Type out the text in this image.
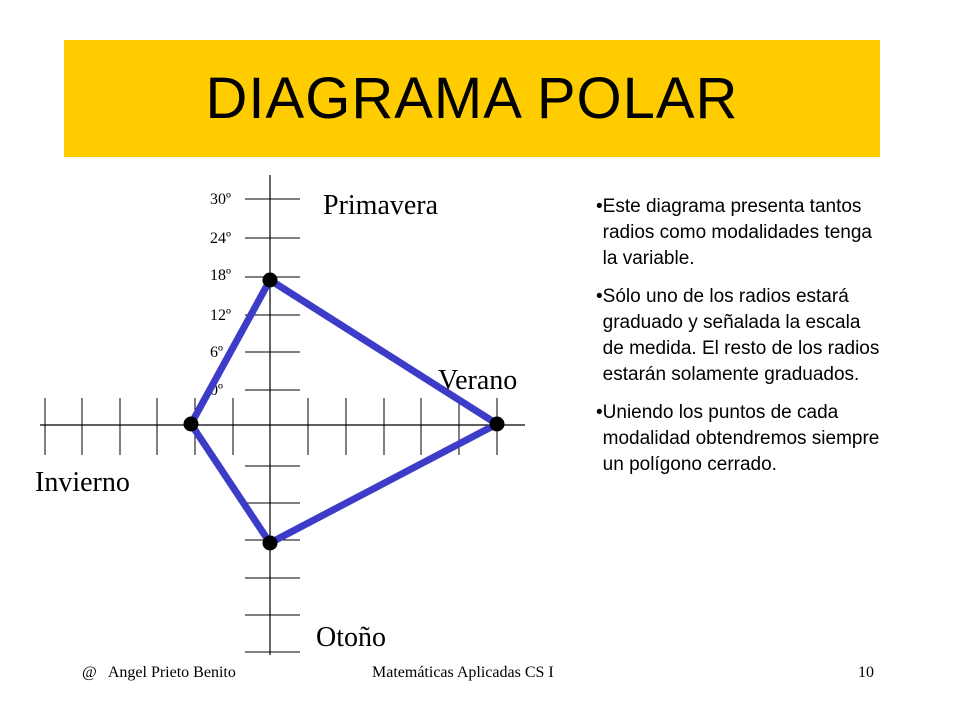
DIAGRAMA POLAR
30º
24º
18º
12º
6º
0º
Primavera
Verano
Invierno
Otoño
• Este diagrama presenta tantos radios como modalidades tenga la variable.
• Sólo uno de los radios estará graduado y señalada la escala de medida. El resto de los radios estarán solamente graduados.
• Uniendo los puntos de cada modalidad obtendremos siempre un polígono cerrado.
@   Angel Prieto Benito	Matemáticas Aplicadas CS I	10
